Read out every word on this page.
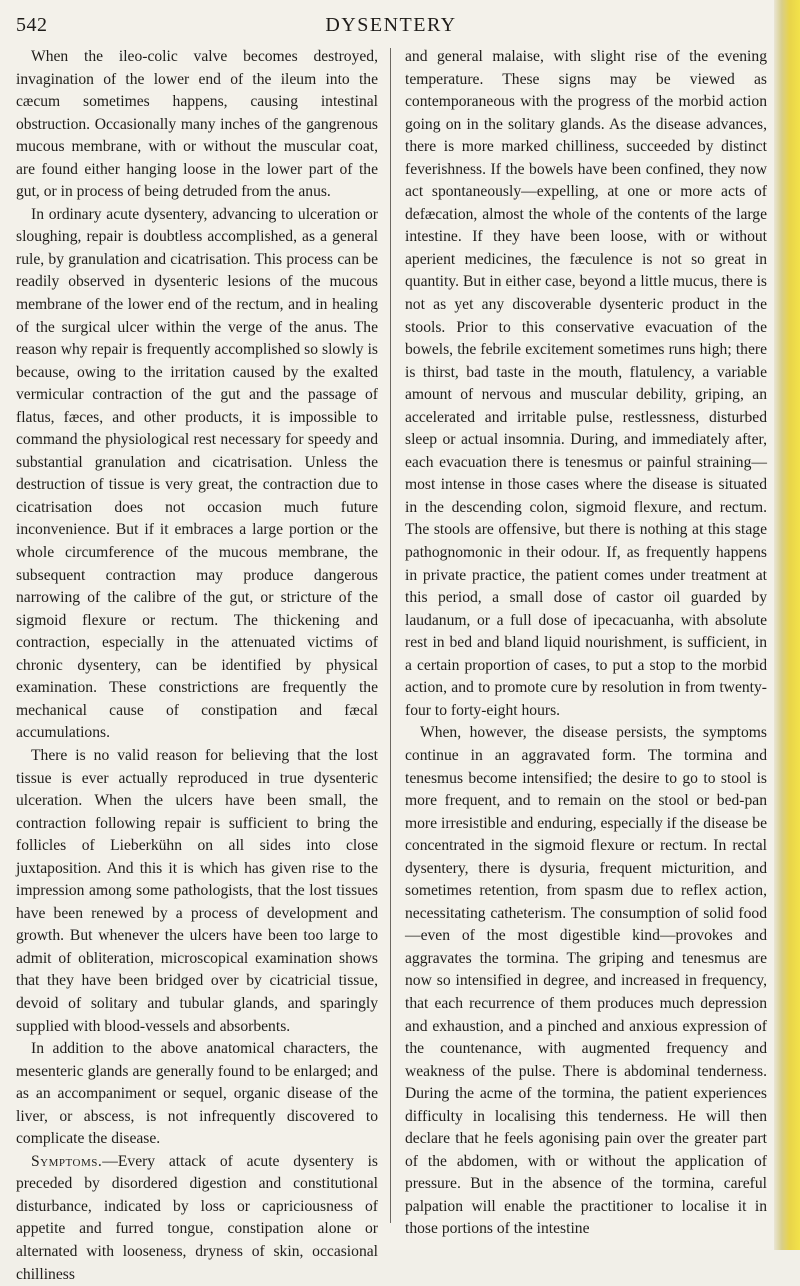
542	DYSENTERY

When the ileo-colic valve becomes destroyed, invagination of the lower end of the ileum into the cæcum sometimes happens, causing intestinal obstruction. Occasionally many inches of the gangrenous mucous membrane, with or without the muscular coat, are found either hanging loose in the lower part of the gut, or in process of being detruded from the anus.

In ordinary acute dysentery, advancing to ulceration or sloughing, repair is doubtless accomplished, as a general rule, by granulation and cicatrisation. This process can be readily observed in dysenteric lesions of the mucous membrane of the lower end of the rectum, and in healing of the surgical ulcer within the verge of the anus. The reason why repair is frequently accomplished so slowly is because, owing to the irritation caused by the exalted vermicular contraction of the gut and the passage of flatus, fæces, and other products, it is impossible to command the physiological rest necessary for speedy and substantial granulation and cicatrisation. Unless the destruction of tissue is very great, the contraction due to cicatrisation does not occasion much future inconvenience. But if it embraces a large portion or the whole circumference of the mucous membrane, the subsequent contraction may produce dangerous narrowing of the calibre of the gut, or stricture of the sigmoid flexure or rectum. The thickening and contraction, especially in the attenuated victims of chronic dysentery, can be identified by physical examination. These constrictions are frequently the mechanical cause of constipation and fæcal accumulations.

There is no valid reason for believing that the lost tissue is ever actually reproduced in true dysenteric ulceration. When the ulcers have been small, the contraction following repair is sufficient to bring the follicles of Lieberkühn on all sides into close juxtaposition. And this it is which has given rise to the impression among some pathologists, that the lost tissues have been renewed by a process of development and growth. But whenever the ulcers have been too large to admit of obliteration, microscopical examination shows that they have been bridged over by cicatricial tissue, devoid of solitary and tubular glands, and sparingly supplied with blood-vessels and absorbents.

In addition to the above anatomical characters, the mesenteric glands are generally found to be enlarged; and as an accompaniment or sequel, organic disease of the liver, or abscess, is not infrequently discovered to complicate the disease.

Symptoms.—Every attack of acute dysentery is preceded by disordered digestion and constitutional disturbance, indicated by loss or capriciousness of appetite and furred tongue, constipation alone or alternated with looseness, dryness of skin, occasional chilliness

and general malaise, with slight rise of the evening temperature. These signs may be viewed as contemporaneous with the progress of the morbid action going on in the solitary glands. As the disease advances, there is more marked chilliness, succeeded by distinct feverishness. If the bowels have been confined, they now act spontaneously—expelling, at one or more acts of defæcation, almost the whole of the contents of the large intestine. If they have been loose, with or without aperient medicines, the fæculence is not so great in quantity. But in either case, beyond a little mucus, there is not as yet any discoverable dysenteric product in the stools. Prior to this conservative evacuation of the bowels, the febrile excitement sometimes runs high; there is thirst, bad taste in the mouth, flatulency, a variable amount of nervous and muscular debility, griping, an accelerated and irritable pulse, restlessness, disturbed sleep or actual insomnia. During, and immediately after, each evacuation there is tenesmus or painful straining—most intense in those cases where the disease is situated in the descending colon, sigmoid flexure, and rectum. The stools are offensive, but there is nothing at this stage pathognomonic in their odour. If, as frequently happens in private practice, the patient comes under treatment at this period, a small dose of castor oil guarded by laudanum, or a full dose of ipecacuanha, with absolute rest in bed and bland liquid nourishment, is sufficient, in a certain proportion of cases, to put a stop to the morbid action, and to promote cure by resolution in from twenty-four to forty-eight hours.

When, however, the disease persists, the symptoms continue in an aggravated form. The tormina and tenesmus become intensified; the desire to go to stool is more frequent, and to remain on the stool or bed-pan more irresistible and enduring, especially if the disease be concentrated in the sigmoid flexure or rectum. In rectal dysentery, there is dysuria, frequent micturition, and sometimes retention, from spasm due to reflex action, necessitating catheterism. The consumption of solid food—even of the most digestible kind—provokes and aggravates the tormina. The griping and tenesmus are now so intensified in degree, and increased in frequency, that each recurrence of them produces much depression and exhaustion, and a pinched and anxious expression of the countenance, with augmented frequency and weakness of the pulse. There is abdominal tenderness. During the acme of the tormina, the patient experiences difficulty in localising this tenderness. He will then declare that he feels agonising pain over the greater part of the abdomen, with or without the application of pressure. But in the absence of the tormina, careful palpation will enable the practitioner to localise it in those portions of the intestine
